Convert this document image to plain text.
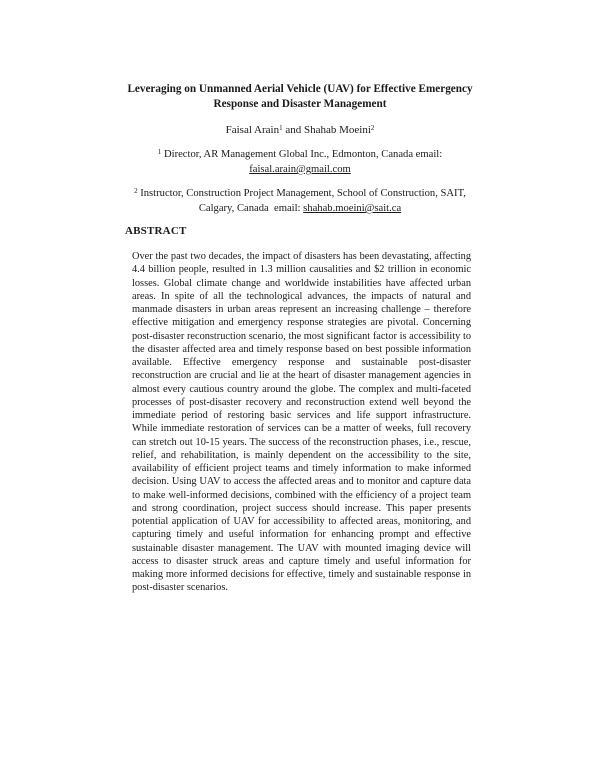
Leveraging on Unmanned Aerial Vehicle (UAV) for Effective Emergency
Response and Disaster Management
Faisal Arain$^1$ and Shahab Moeini$^2$
$^1$ Director, AR Management Global Inc., Edmonton, Canada email:
faisal.arain@gmail.com
$^2$ Instructor, Construction Project Management, School of Construction, SAIT,
Calgary, Canada  email: shahab.moeini@sait.ca
ABSTRACT
Over the past two decades, the impact of disasters has been devastating, affecting 4.4 billion people, resulted in 1.3 million causalities and $2 trillion in economic losses. Global climate change and worldwide instabilities have affected urban areas. In spite of all the technological advances, the impacts of natural and manmade disasters in urban areas represent an increasing challenge – therefore effective mitigation and emergency response strategies are pivotal. Concerning post-disaster reconstruction scenario, the most significant factor is accessibility to the disaster affected area and timely response based on best possible information available. Effective emergency response and sustainable post-disaster reconstruction are crucial and lie at the heart of disaster management agencies in almost every cautious country around the globe. The complex and multi-faceted processes of post-disaster recovery and reconstruction extend well beyond the immediate period of restoring basic services and life support infrastructure. While immediate restoration of services can be a matter of weeks, full recovery can stretch out 10-15 years. The success of the reconstruction phases, i.e., rescue, relief, and rehabilitation, is mainly dependent on the accessibility to the site, availability of efficient project teams and timely information to make informed decision. Using UAV to access the affected areas and to monitor and capture data to make well-informed decisions, combined with the efficiency of a project team and strong coordination, project success should increase. This paper presents potential application of UAV for accessibility to affected areas, monitoring, and capturing timely and useful information for enhancing prompt and effective sustainable disaster management. The UAV with mounted imaging device will access to disaster struck areas and capture timely and useful information for making more informed decisions for effective, timely and sustainable response in post-disaster scenarios.
